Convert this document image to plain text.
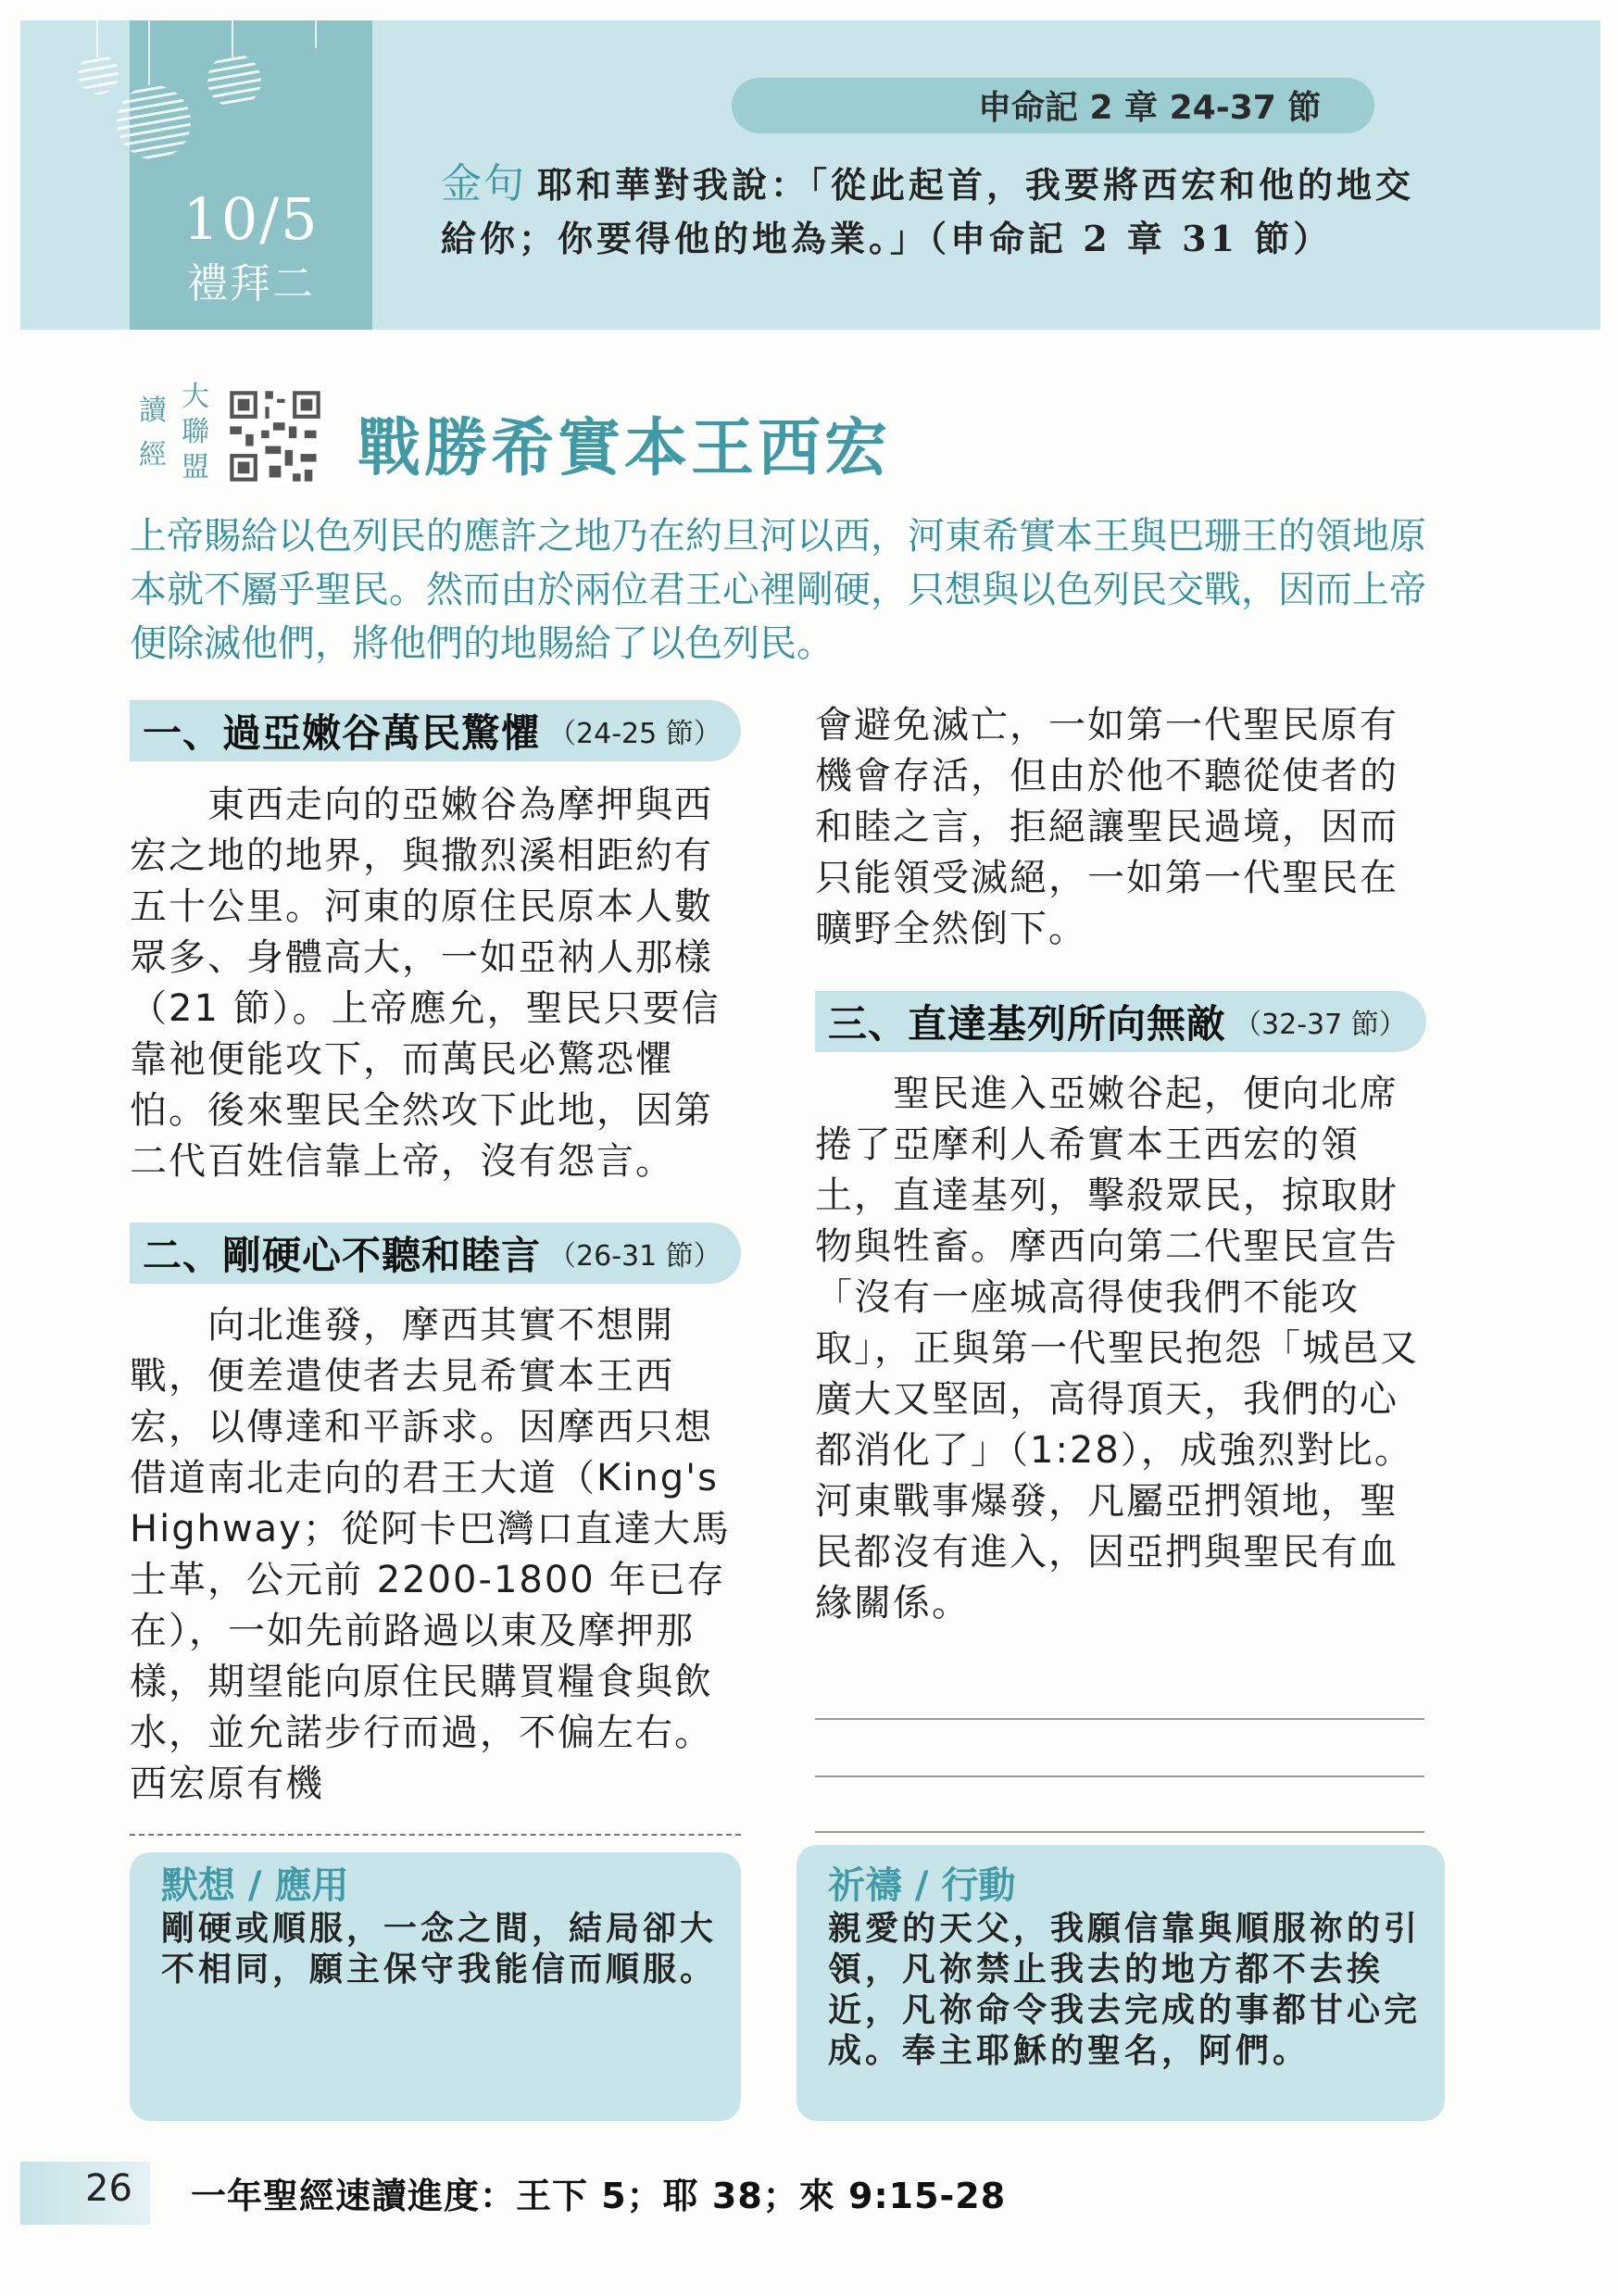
10/5
禮拜二
申命記 2 章 24-37 節
金句 耶和華對我說：「從此起首，我要將西宏和他的地交給你；你要得他的地為業。」（申命記 2 章 31 節）
讀經
大聯盟 戰勝希實本王西宏
上帝賜給以色列民的應許之地乃在約旦河以西，河東希實本王與巴珊王的領地原本就不屬乎聖民。然而由於兩位君王心裡剛硬，只想與以色列民交戰，因而上帝便除滅他們，將他們的地賜給了以色列民。
一、過亞嫩谷萬民驚懼 （24-25 節）
　　東西走向的亞嫩谷為摩押與西宏之地的地界，與撒烈溪相距約有五十公里。河東的原住民原本人數眾多、身體高大，一如亞衲人那樣（21 節）。上帝應允，聖民只要信靠祂便能攻下，而萬民必驚恐懼怕。後來聖民全然攻下此地，因第二代百姓信靠上帝，沒有怨言。
二、剛硬心不聽和睦言 （26-31 節）
　　向北進發，摩西其實不想開戰，便差遣使者去見希實本王西宏，以傳達和平訴求。因摩西只想借道南北走向的君王大道（King's Highway；從阿卡巴灣口直達大馬士革，公元前 2200-1800 年已存在），一如先前路過以東及摩押那樣，期望能向原住民購買糧食與飲水，並允諾步行而過，不偏左右。西宏原有機
會避免滅亡，一如第一代聖民原有機會存活，但由於他不聽從使者的和睦之言，拒絕讓聖民過境，因而只能領受滅絕，一如第一代聖民在曠野全然倒下。
三、直達基列所向無敵 （32-37 節）
　　聖民進入亞嫩谷起，便向北席捲了亞摩利人希實本王西宏的領土，直達基列，擊殺眾民，掠取財物與牲畜。摩西向第二代聖民宣告「沒有一座城高得使我們不能攻取」，正與第一代聖民抱怨「城邑又廣大又堅固，高得頂天，我們的心都消化了」（1:28），成強烈對比。河東戰事爆發，凡屬亞捫領地，聖民都沒有進入，因亞捫與聖民有血緣關係。
默想 / 應用
剛硬或順服，一念之間，結局卻大不相同，願主保守我能信而順服。
祈禱 / 行動
親愛的天父，我願信靠與順服祢的引領，凡祢禁止我去的地方都不去挨近，凡祢命令我去完成的事都甘心完成。奉主耶穌的聖名，阿們。
26 一年聖經速讀進度：王下 5；耶 38；來 9:15-28
